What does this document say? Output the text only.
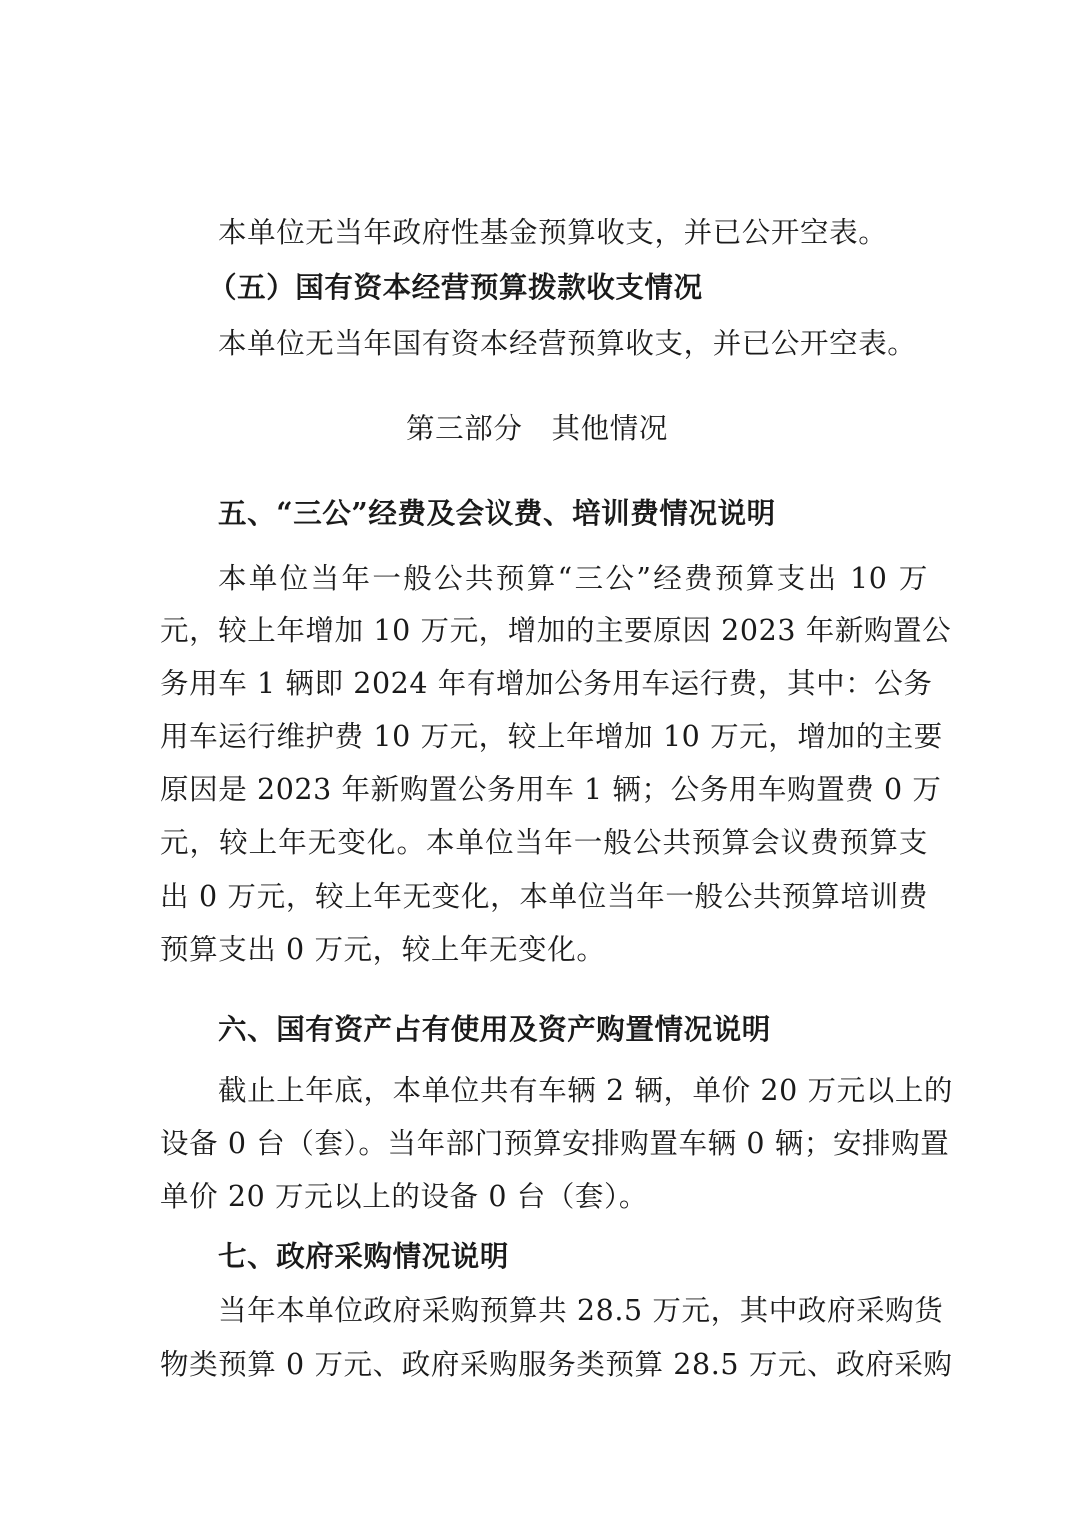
本单位无当年政府性基金预算收支，并已公开空表。

（五）国有资本经营预算拨款收支情况

本单位无当年国有资本经营预算收支，并已公开空表。

第三部分　其他情况

五、“三公”经费及会议费、培训费情况说明

本单位当年一般公共预算“三公”经费预算支出 10 万

元，较上年增加 10 万元，增加的主要原因 2023 年新购置公

务用车 1 辆即 2024 年有增加公务用车运行费，其中：公务

用车运行维护费 10 万元，较上年增加 10 万元，增加的主要

原因是 2023 年新购置公务用车 1 辆；公务用车购置费 0 万

元，较上年无变化。本单位当年一般公共预算会议费预算支

出 0 万元，较上年无变化，本单位当年一般公共预算培训费

预算支出 0 万元，较上年无变化。

六、国有资产占有使用及资产购置情况说明

截止上年底，本单位共有车辆 2 辆，单价 20 万元以上的

设备 0 台（套）。当年部门预算安排购置车辆 0 辆；安排购置

单价 20 万元以上的设备 0 台（套）。

七、政府采购情况说明

当年本单位政府采购预算共 28.5 万元，其中政府采购货

物类预算 0 万元、政府采购服务类预算 28.5 万元、政府采购
